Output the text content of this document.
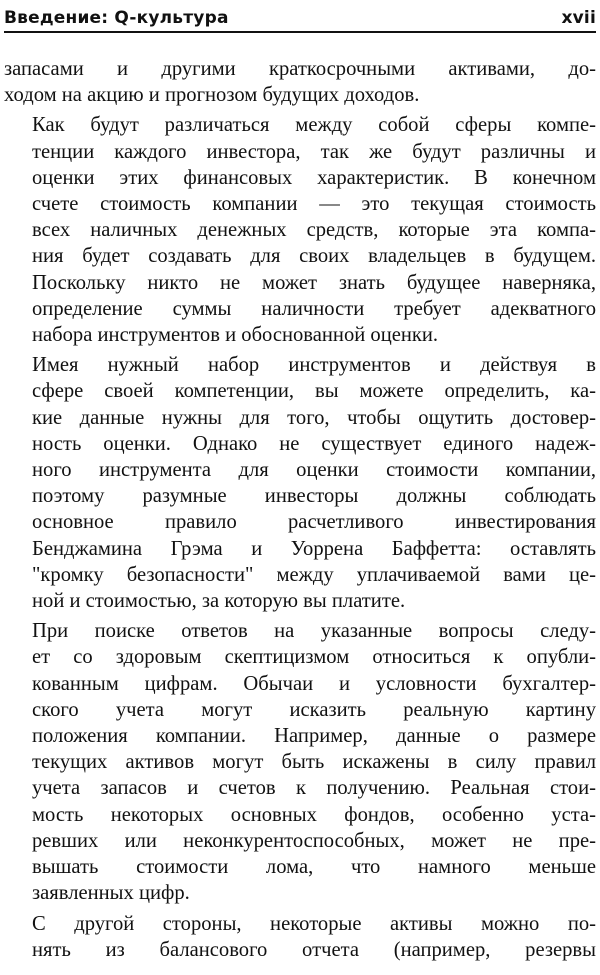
Введение: Q-культура	xvii
запасами и другими краткосрочными активами, до-
ходом на акцию и прогнозом будущих доходов.
Как будут различаться между собой сферы компе-
тенции каждого инвестора, так же будут различны и
оценки этих финансовых характеристик. В конечном
счете стоимость компании — это текущая стоимость
всех наличных денежных средств, которые эта компа-
ния будет создавать для своих владельцев в будущем.
Поскольку никто не может знать будущее наверняка,
определение суммы наличности требует адекватного
набора инструментов и обоснованной оценки.
Имея нужный набор инструментов и действуя в
сфере своей компетенции, вы можете определить, ка-
кие данные нужны для того, чтобы ощутить достовер-
ность оценки. Однако не существует единого надеж-
ного инструмента для оценки стоимости компании,
поэтому разумные инвесторы должны соблюдать
основное правило расчетливого инвестирования
Бенджамина Грэма и Уоррена Баффетта: оставлять
"кромку безопасности" между уплачиваемой вами це-
ной и стоимостью, за которую вы платите.
При поиске ответов на указанные вопросы следу-
ет со здоровым скептицизмом относиться к опубли-
кованным цифрам. Обычаи и условности бухгалтер-
ского учета могут исказить реальную картину
положения компании. Например, данные о размере
текущих активов могут быть искажены в силу правил
учета запасов и счетов к получению. Реальная стои-
мость некоторых основных фондов, особенно уста-
ревших или неконкурентоспособных, может не пре-
вышать стоимости лома, что намного меньше
заявленных цифр.
С другой стороны, некоторые активы можно по-
нять из балансового отчета (например, резервы
